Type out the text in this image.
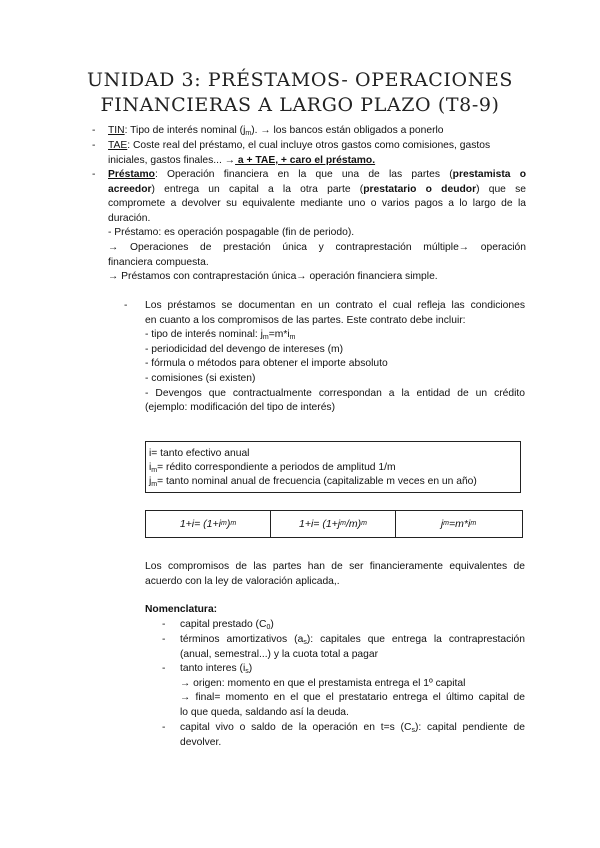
UNIDAD 3: PRÉSTAMOS- OPERACIONES
FINANCIERAS A LARGO PLAZO (T8-9)
- TIN: Tipo de interés nominal $(j_m)$. → los bancos están obligados a ponerlo
- TAE: Coste real del préstamo, el cual incluye otros gastos como comisiones, gastos
iniciales, gastos finales... → a + TAE, + caro el préstamo.
- Préstamo: Operación financiera en la que una de las partes (prestamista o
acreedor) entrega un capital a la otra parte (prestatario o deudor) que se
compromete a devolver su equivalente mediante uno o varios pagos a lo largo de la
duración.
- Préstamo: es operación pospagable (fin de periodo).
→ Operaciones de prestación única y contraprestación múltiple→ operación
financiera compuesta.
→ Préstamos con contraprestación única→ operación financiera simple.
- Los préstamos se documentan en un contrato el cual refleja las condiciones
en cuanto a los compromisos de las partes. Este contrato debe incluir:
- tipo de interés nominal: $j_m=m*i_m$
- periodicidad del devengo de intereses (m)
- fórmula o métodos para obtener el importe absoluto
- comisiones (si existen)
- Devengos que contractualmente correspondan a la entidad de un crédito
(ejemplo: modificación del tipo de interés)
i= tanto efectivo anual
$i_m=$ rédito correspondiente a periodos de amplitud 1/m
$j_m=$ tanto nominal anual de frecuencia (capitalizable m veces en un año)
1+i= (1+i m ) m	1+i= (1+j m /m) m	j m =m*i m
Los compromisos de las partes han de ser financieramente equivalentes de
acuerdo con la ley de valoración aplicada,.
Nomenclatura:
- capital prestado $(C_0)$
- términos amortizativos $(a_s)$: capitales que entrega la contraprestación
(anual, semestral...) y la cuota total a pagar
- tanto interes $(i_s)$
→ origen: momento en que el prestamista entrega el 1º capital
→ final= momento en el que el prestatario entrega el último capital de
lo que queda, saldando así la deuda.
- capital vivo o saldo de la operación en t=s $(C_s)$: capital pendiente de
devolver.
